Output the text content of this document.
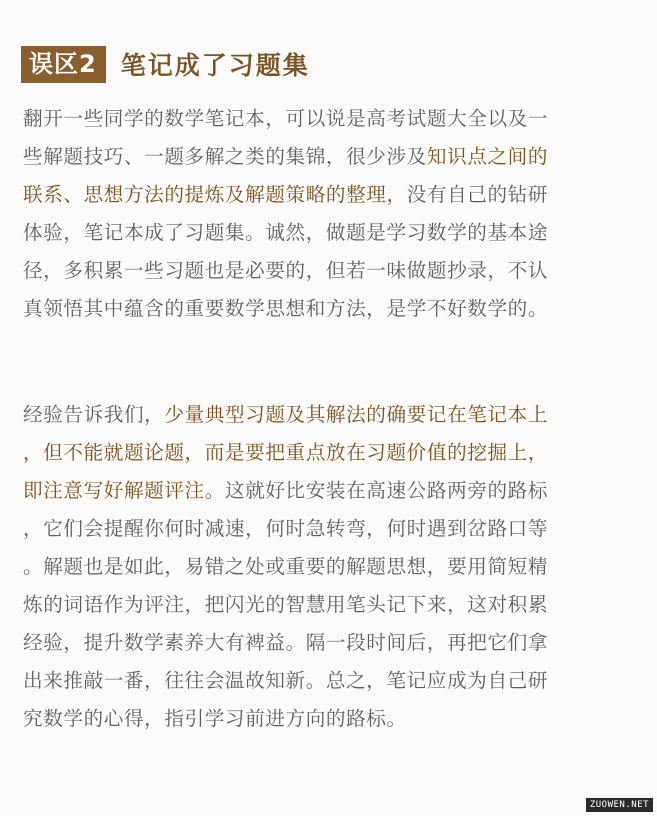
误区2 笔记成了习题集

翻开一些同学的数学笔记本，可以说是高考试题大全以及一
些解题技巧、一题多解之类的集锦，很少涉及知识点之间的
联系、思想方法的提炼及解题策略的整理，没有自己的钻研
体验，笔记本成了习题集。诚然，做题是学习数学的基本途
径，多积累一些习题也是必要的，但若一味做题抄录，不认
真领悟其中蕴含的重要数学思想和方法，是学不好数学的。

经验告诉我们，少量典型习题及其解法的确要记在笔记本上
，但不能就题论题，而是要把重点放在习题价值的挖掘上，
即注意写好解题评注。这就好比安装在高速公路两旁的路标
，它们会提醒你何时减速，何时急转弯，何时遇到岔路口等
。解题也是如此，易错之处或重要的解题思想，要用简短精
炼的词语作为评注，把闪光的智慧用笔头记下来，这对积累
经验，提升数学素养大有裨益。隔一段时间后，再把它们拿
出来推敲一番，往往会温故知新。总之，笔记应成为自己研
究数学的心得，指引学习前进方向的路标。

ZUOWEN.NET
